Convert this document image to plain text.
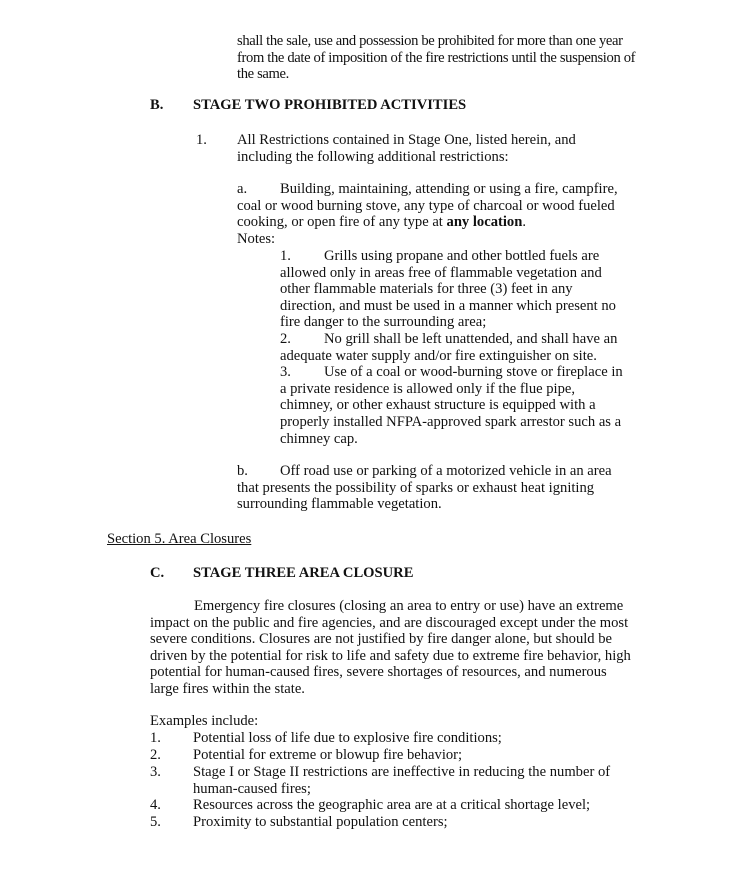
shall the sale, use and possession be prohibited for more than one year
from the date of imposition of the fire restrictions until the suspension of
the same.
B. STAGE TWO PROHIBITED ACTIVITIES
1. All Restrictions contained in Stage One, listed herein, and
including the following additional restrictions:
a. Building, maintaining, attending or using a fire, campfire,
coal or wood burning stove, any type of charcoal or wood fueled
cooking, or open fire of any type at any location.
Notes:
1. Grills using propane and other bottled fuels are
allowed only in areas free of flammable vegetation and
other flammable materials for three (3) feet in any
direction, and must be used in a manner which present no
fire danger to the surrounding area;
2. No grill shall be left unattended, and shall have an
adequate water supply and/or fire extinguisher on site.
3. Use of a coal or wood-burning stove or fireplace in
a private residence is allowed only if the flue pipe,
chimney, or other exhaust structure is equipped with a
properly installed NFPA-approved spark arrestor such as a
chimney cap.
b. Off road use or parking of a motorized vehicle in an area
that presents the possibility of sparks or exhaust heat igniting
surrounding flammable vegetation.
Section 5. Area Closures
C. STAGE THREE AREA CLOSURE
Emergency fire closures (closing an area to entry or use) have an extreme
impact on the public and fire agencies, and are discouraged except under the most
severe conditions. Closures are not justified by fire danger alone, but should be
driven by the potential for risk to life and safety due to extreme fire behavior, high
potential for human-caused fires, severe shortages of resources, and numerous
large fires within the state.
Examples include:
1. Potential loss of life due to explosive fire conditions;
2. Potential for extreme or blowup fire behavior;
3. Stage I or Stage II restrictions are ineffective in reducing the number of
human-caused fires;
4. Resources across the geographic area are at a critical shortage level;
5. Proximity to substantial population centers;
